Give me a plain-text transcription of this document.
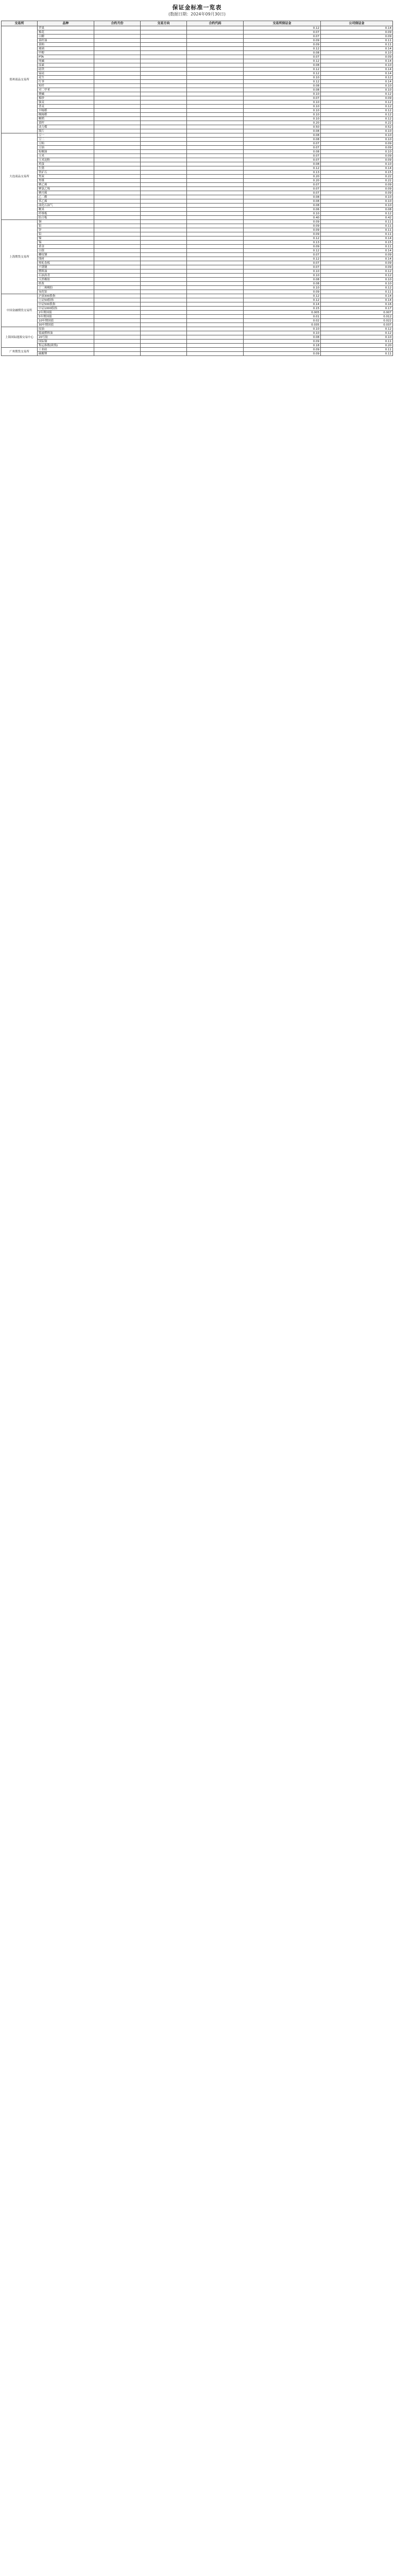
保证金标准一览表
(数据日期：2024年09月30日)
交易所	品种	合约月份	交易方向	合约代码	交易所保证金	公司保证金
郑州商品交易所	苹果				0.12	0.14
	棉花				0.07	0.09
	白糖				0.07	0.09
	菜籽油				0.09	0.11
	菜粕				0.09	0.11
	玻璃				0.12	0.14
	甲醇				0.08	0.10
	PTA				0.07	0.09
	纯碱				0.12	0.14
	尿素				0.08	0.10
	硅铁				0.12	0.14
	锰硅				0.12	0.14
	花生				0.10	0.12
	红枣				0.12	0.14
	短纤				0.08	0.10
	对二甲苯				0.08	0.10
	烧碱				0.10	0.12
	棉纱				0.07	0.09
	强麦				0.10	0.12
	普麦				0.10	0.12
	早籼稻				0.10	0.12
	晚籼稻				0.10	0.12
	粳稻				0.10	0.12
	菜籽				0.20	0.22
	动力煤				0.50	0.52
	瓶片				0.08	0.10
大连商品交易所	豆一				0.08	0.10
	豆二				0.08	0.10
	豆粕				0.07	0.09
	豆油				0.07	0.09
	棕榈油				0.08	0.10
	玉米				0.07	0.09
	玉米淀粉				0.07	0.09
	鸡蛋				0.08	0.10
	生猪				0.12	0.14
	铁矿石				0.13	0.15
	焦炭				0.20	0.22
	焦煤				0.20	0.22
	聚乙烯				0.07	0.09
	聚氯乙烯				0.07	0.09
	聚丙烯				0.07	0.09
	乙二醇				0.08	0.10
	苯乙烯				0.08	0.10
	液化石油气				0.08	0.10
	粳米				0.06	0.08
	纤维板				0.10	0.12
	胶合板				0.40	0.42
上海期货交易所	铜				0.09	0.11
	铝				0.09	0.11
	锌				0.09	0.11
	铅				0.09	0.11
	镍				0.12	0.14
	锡				0.13	0.15
	黄金				0.09	0.11
	白银				0.12	0.14
	螺纹钢				0.07	0.09
	线材				0.12	0.14
	热轧卷板				0.07	0.09
	不锈钢				0.07	0.09
	燃料油				0.10	0.12
	石油沥青				0.10	0.12
	天然橡胶				0.08	0.10
	纸浆				0.08	0.10
	丁二烯橡胶				0.10	0.12
	氧化铝				0.09	0.11
中国金融期货交易所	沪深300股指				0.12	0.14
	上证50股指				0.12	0.14
	中证500股指				0.14	0.16
	中证1000股指				0.15	0.17
	2年期国债				0.005	0.007
	5年期国债				0.01	0.012
	10年期国债				0.02	0.022
	30年期国债				0.035	0.037
上海国际能源交易中心	原油				0.10	0.12
	低硫燃料油				0.10	0.12
	20号胶				0.08	0.10
	国际铜				0.09	0.11
	集运指数(欧线)				0.18	0.20
广州期货交易所	工业硅				0.09	0.11
	碳酸锂				0.09	0.11
